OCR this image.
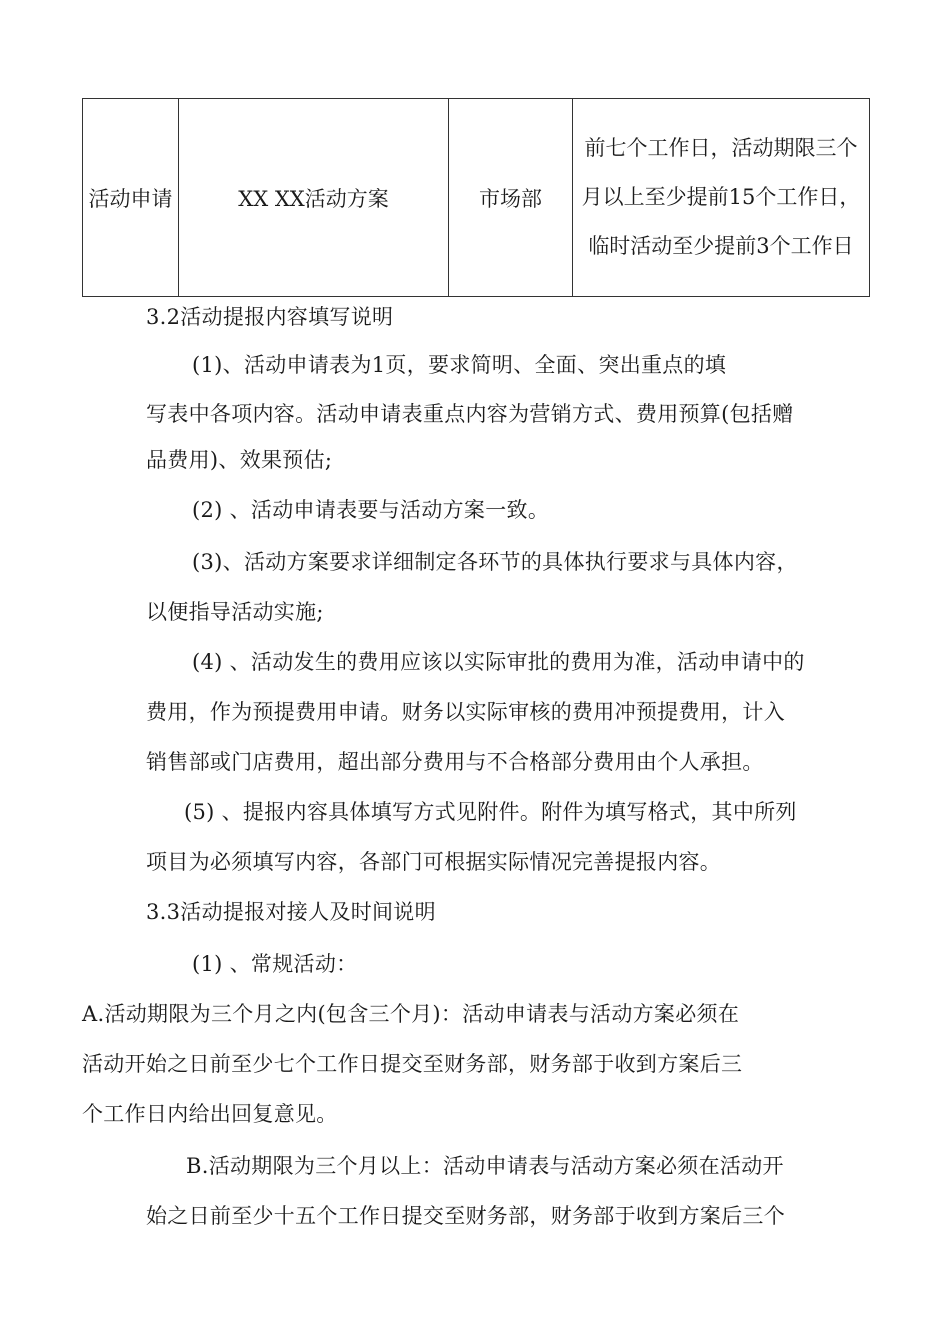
活动申请	XX XX活动方案	市场部	前七个工作日，活动期限三个月以上至少提前15个工作日，临时活动至少提前3个工作日
3.2活动提报内容填写说明
(1)、活动申请表为1页，要求简明、全面、突出重点的填
写表中各项内容。活动申请表重点内容为营销方式、费用预算(包括赠
品费用)、效果预估;
(2) 、活动申请表要与活动方案一致。
(3)、活动方案要求详细制定各环节的具体执行要求与具体内容，
以便指导活动实施;
(4) 、活动发生的费用应该以实际审批的费用为准，活动申请中的
费用，作为预提费用申请。财务以实际审核的费用冲预提费用，计入
销售部或门店费用，超出部分费用与不合格部分费用由个人承担。
(5) 、提报内容具体填写方式见附件。附件为填写格式，其中所列
项目为必须填写内容，各部门可根据实际情况完善提报内容。
3.3活动提报对接人及时间说明
(1) 、常规活动：
A.活动期限为三个月之内(包含三个月)：活动申请表与活动方案必须在
活动开始之日前至少七个工作日提交至财务部，财务部于收到方案后三
个工作日内给出回复意见。
B.活动期限为三个月以上：活动申请表与活动方案必须在活动开
始之日前至少十五个工作日提交至财务部，财务部于收到方案后三个
